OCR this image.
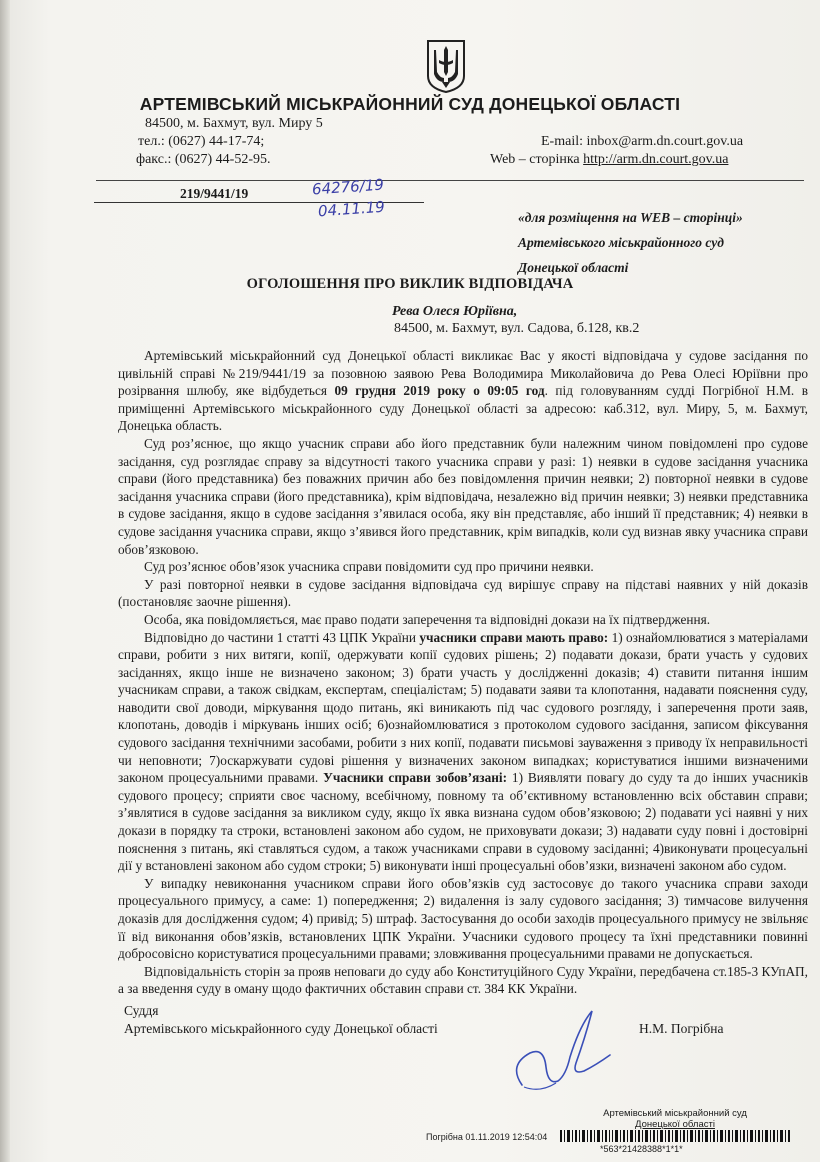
АРТЕМІВСЬКИЙ МІСЬКРАЙОННИЙ СУД ДОНЕЦЬКОЇ ОБЛАСТІ
84500, м. Бахмут, вул. Миру 5
тел.: (0627) 44-17-74;
факс.: (0627) 44-52-95.
E-mail: inbox@arm.dn.court.gov.ua
Web – сторінка http://arm.dn.court.gov.ua
219/9441/19	64276/19
04.11.19	«для розміщення на WEB – сторінці»
Артемівського міськрайонного суд
Донецької області
ОГОЛОШЕННЯ ПРО ВИКЛИК ВІДПОВІДАЧА
Рева Олеся Юріївна,
84500, м. Бахмут, вул. Садова, б.128, кв.2

Артемівський міськрайонний суд Донецької області викликає Вас у якості відповідача у судове засідання по цивільній справі №219/9441/19 за позовною заявою Рева Володимира Миколайовича до Рева Олесі Юріївни про розірвання шлюбу, яке відбудеться 09 грудня 2019 року о 09:05 год. під головуванням судді Погрібної Н.М. в приміщенні Артемівського міськрайонного суду Донецької області за адресою: каб.312, вул. Миру, 5, м. Бахмут, Донецька область.

Суд роз’яснює, що якщо учасник справи або його представник були належним чином повідомлені про судове засідання, суд розглядає справу за відсутності такого учасника справи у разі: 1) неявки в судове засідання учасника справи (його представника) без поважних причин або без повідомлення причин неявки; 2) повторної неявки в судове засідання учасника справи (його представника), крім відповідача, незалежно від причин неявки; 3) неявки представника в судове засідання, якщо в судове засідання з’явилася особа, яку він представляє, або інший її представник; 4) неявки в судове засідання учасника справи, якщо з’явився його представник, крім випадків, коли суд визнав явку учасника справи обов’язковою.

Суд роз’яснює обов’язок учасника справи повідомити суд про причини неявки.

У разі повторної неявки в судове засідання відповідача суд вирішує справу на підставі наявних у ній доказів (постановляє заочне рішення).

Особа, яка повідомляється, має право подати заперечення та відповідні докази на їх підтвердження.

Відповідно до частини 1 статті 43 ЦПК України учасники справи мають право: 1) ознайомлюватися з матеріалами справи, робити з них витяги, копії, одержувати копії судових рішень; 2) подавати докази, брати участь у судових засіданнях, якщо інше не визначено законом; 3) брати участь у дослідженні доказів; 4) ставити питання іншим учасникам справи, а також свідкам, експертам, спеціалістам; 5) подавати заяви та клопотання, надавати пояснення суду, наводити свої доводи, міркування щодо питань, які виникають під час судового розгляду, і заперечення проти заяв, клопотань, доводів і міркувань інших осіб; 6)ознайомлюватися з протоколом судового засідання, записом фіксування судового засідання технічними засобами, робити з них копії, подавати письмові зауваження з приводу їх неправильності чи неповноти; 7)оскаржувати судові рішення у визначених законом випадках; користуватися іншими визначеними законом процесуальними правами. Учасники справи зобов’язані: 1) Виявляти повагу до суду та до інших учасників судового процесу; сприяти своє часному, всебічному, повному та об’єктивному встановленню всіх обставин справи; з’являтися в судове засідання за викликом суду, якщо їх явка визнана судом обов’язковою; 2) подавати усі наявні у них докази в порядку та строки, встановлені законом або судом, не приховувати докази; 3) надавати суду повні і достовірні пояснення з питань, які ставляться судом, а також учасниками справи в судовому засіданні; 4)виконувати процесуальні дії у встановлені законом або судом строки; 5) виконувати інші процесуальні обов’язки, визначені законом або судом.

У випадку невиконання учасником справи його обов’язків суд застосовує до такого учасника справи заходи процесуального примусу, а саме: 1) попередження; 2) видалення із залу судового засідання; 3) тимчасове вилучення доказів для дослідження судом; 4) привід; 5) штраф. Застосування до особи заходів процесуального примусу не звільняє її від виконання обов’язків, встановлених ЦПК України. Учасники судового процесу та їхні представники повинні добросовісно користуватися процесуальними правами; зловживання процесуальними правами не допускається.

Відповідальність сторін за прояв неповаги до суду або Конституційного Суду України, передбачена ст.185-3 КУпАП, а за введення суду в оману щодо фактичних обставин справи ст. 384 КК України.

Суддя
Артемівського міськрайонного суду Донецької області	Н.М. Погрібна
Артемівський міськрайонний суд
Донецької області
Погрібна 01.11.2019 12:54:04
*563*21428388*1*1*
